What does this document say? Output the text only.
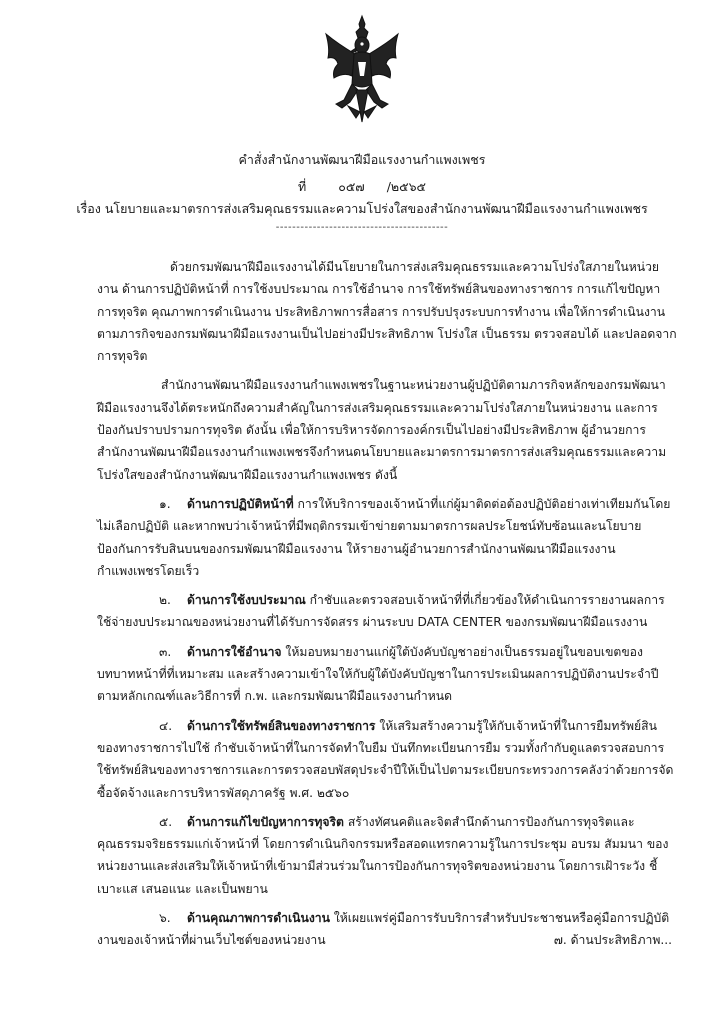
คำสั่งสำนักงานพัฒนาฝีมือแรงงานกำแพงเพชร
ที่	๐๕๗ /๒๕๖๕
เรื่อง นโยบายและมาตรการส่งเสริมคุณธรรมและความโปร่งใสของสำนักงานพัฒนาฝีมือแรงงานกำแพงเพชร
------------------------------------------

ด้วยกรมพัฒนาฝีมือแรงงานได้มีนโยบายในการส่งเสริมคุณธรรมและความโปร่งใสภายในหน่วยงาน ด้านการปฏิบัติหน้าที่ การใช้งบประมาณ การใช้อำนาจ การใช้ทรัพย์สินของทางราชการ การแก้ไขปัญหาการทุจริต คุณภาพการดำเนินงาน ประสิทธิภาพการสื่อสาร การปรับปรุงระบบการทำงาน เพื่อให้การดำเนินงานตามภารกิจของกรมพัฒนาฝีมือแรงงานเป็นไปอย่างมีประสิทธิภาพ โปร่งใส เป็นธรรม ตรวจสอบได้ และปลอดจากการทุจริต

สำนักงานพัฒนาฝีมือแรงงานกำแพงเพชรในฐานะหน่วยงานผู้ปฏิบัติตามภารกิจหลักของกรมพัฒนาฝีมือแรงงานจึงได้ตระหนักถึงความสำคัญในการส่งเสริมคุณธรรมและความโปร่งใสภายในหน่วยงาน และการป้องกันปราบปรามการทุจริต ดังนั้น เพื่อให้การบริหารจัดการองค์กรเป็นไปอย่างมีประสิทธิภาพ ผู้อำนวยการสำนักงานพัฒนาฝีมือแรงงานกำแพงเพชรจึงกำหนดนโยบายและมาตรการมาตรการส่งเสริมคุณธรรมและความโปร่งใสของสำนักงานพัฒนาฝีมือแรงงานกำแพงเพชร ดังนี้

๑. ด้านการปฏิบัติหน้าที่ การให้บริการของเจ้าหน้าที่แก่ผู้มาติดต่อต้องปฏิบัติอย่างเท่าเทียมกันโดยไม่เลือกปฏิบัติ และหากพบว่าเจ้าหน้าที่มีพฤติกรรมเข้าข่ายตามมาตรการผลประโยชน์ทับซ้อนและนโยบายป้องกันการรับสินบนของกรมพัฒนาฝีมือแรงงาน ให้รายงานผู้อำนวยการสำนักงานพัฒนาฝีมือแรงงานกำแพงเพชรโดยเร็ว

๒. ด้านการใช้งบประมาณ กำชับและตรวจสอบเจ้าหน้าที่ที่เกี่ยวข้องให้ดำเนินการรายงานผลการใช้จ่ายงบประมาณของหน่วยงานที่ได้รับการจัดสรร ผ่านระบบ DATA CENTER ของกรมพัฒนาฝีมือแรงงาน

๓. ด้านการใช้อำนาจ ให้มอบหมายงานแก่ผู้ใต้บังคับบัญชาอย่างเป็นธรรมอยู่ในขอบเขตของบทบาทหน้าที่ที่เหมาะสม และสร้างความเข้าใจให้กับผู้ใต้บังคับบัญชาในการประเมินผลการปฏิบัติงานประจำปีตามหลักเกณฑ์และวิธีการที่ ก.พ. และกรมพัฒนาฝีมือแรงงานกำหนด

๔. ด้านการใช้ทรัพย์สินของทางราชการ ให้เสริมสร้างความรู้ให้กับเจ้าหน้าที่ในการยืมทรัพย์สินของทางราชการไปใช้ กำชับเจ้าหน้าที่ในการจัดทำใบยืม บันทึกทะเบียนการยืม รวมทั้งกำกับดูแลตรวจสอบการใช้ทรัพย์สินของทางราชการและการตรวจสอบพัสดุประจำปีให้เป็นไปตามระเบียบกระทรวงการคลังว่าด้วยการจัดซื้อจัดจ้างและการบริหารพัสดุภาครัฐ พ.ศ. ๒๕๖๐

๕. ด้านการแก้ไขปัญหาการทุจริต สร้างทัศนคติและจิตสำนึกด้านการป้องกันการทุจริตและคุณธรรมจริยธรรมแก่เจ้าหน้าที่ โดยการดำเนินกิจกรรมหรือสอดแทรกความรู้ในการประชุม อบรม สัมมนา ของหน่วยงานและส่งเสริมให้เจ้าหน้าที่เข้ามามีส่วนร่วมในการป้องกันการทุจริตของหน่วยงาน โดยการเฝ้าระวัง ชี้เบาะแส เสนอแนะ และเป็นพยาน

๖. ด้านคุณภาพการดำเนินงาน ให้เผยแพร่คู่มือการรับบริการสำหรับประชาชนหรือคู่มือการปฏิบัติงานของเจ้าหน้าที่ผ่านเว็บไซต์ของหน่วยงาน	๗. ด้านประสิทธิภาพ...
